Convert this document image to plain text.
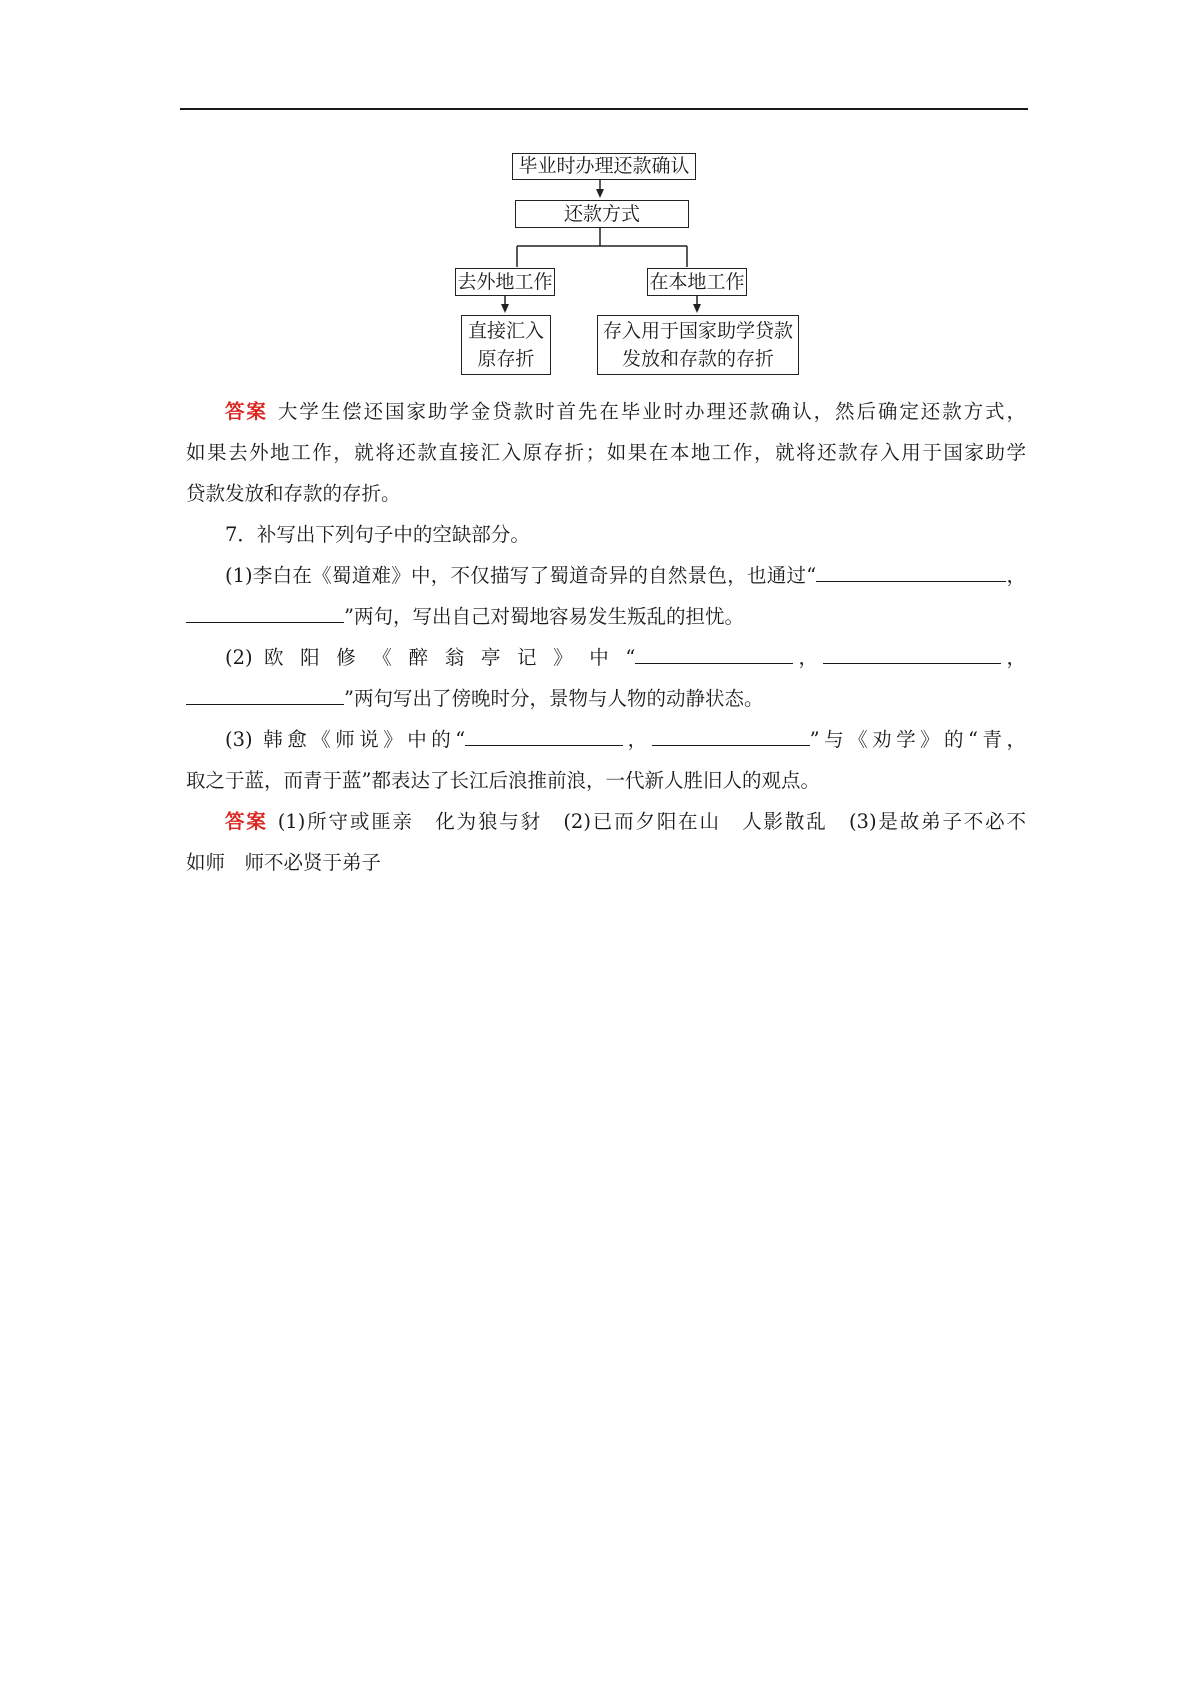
毕业时办理还款确认
还款方式
去外地工作	在本地工作
直接汇入
原存折
存入用于国家助学贷款
发放和存款的存折
答案 大学生偿还国家助学金贷款时首先在毕业时办理还款确认，然后确定还款方式，
如果去外地工作，就将还款直接汇入原存折；如果在本地工作，就将还款存入用于国家助学
贷款发放和存款的存折。
7．补写出下列句子中的空缺部分。
(1)李白在《蜀道难》中，不仅描写了蜀道奇异的自然景色，也通过“	，
”两句，写出自己对蜀地容易发生叛乱的担忧。
(2) 欧 阳 修 《 醉 翁 亭 记 》 中 “	，	，
”两句写出了傍晚时分，景物与人物的动静状态。
(3) 韩愈《师说》中的“	，	”与《劝学》的“青，
取之于蓝，而青于蓝”都表达了长江后浪推前浪，一代新人胜旧人的观点。
答案 (1)所守或匪亲　化为狼与豺　(2)已而夕阳在山　人影散乱　(3)是故弟子不必不
如师　师不必贤于弟子
